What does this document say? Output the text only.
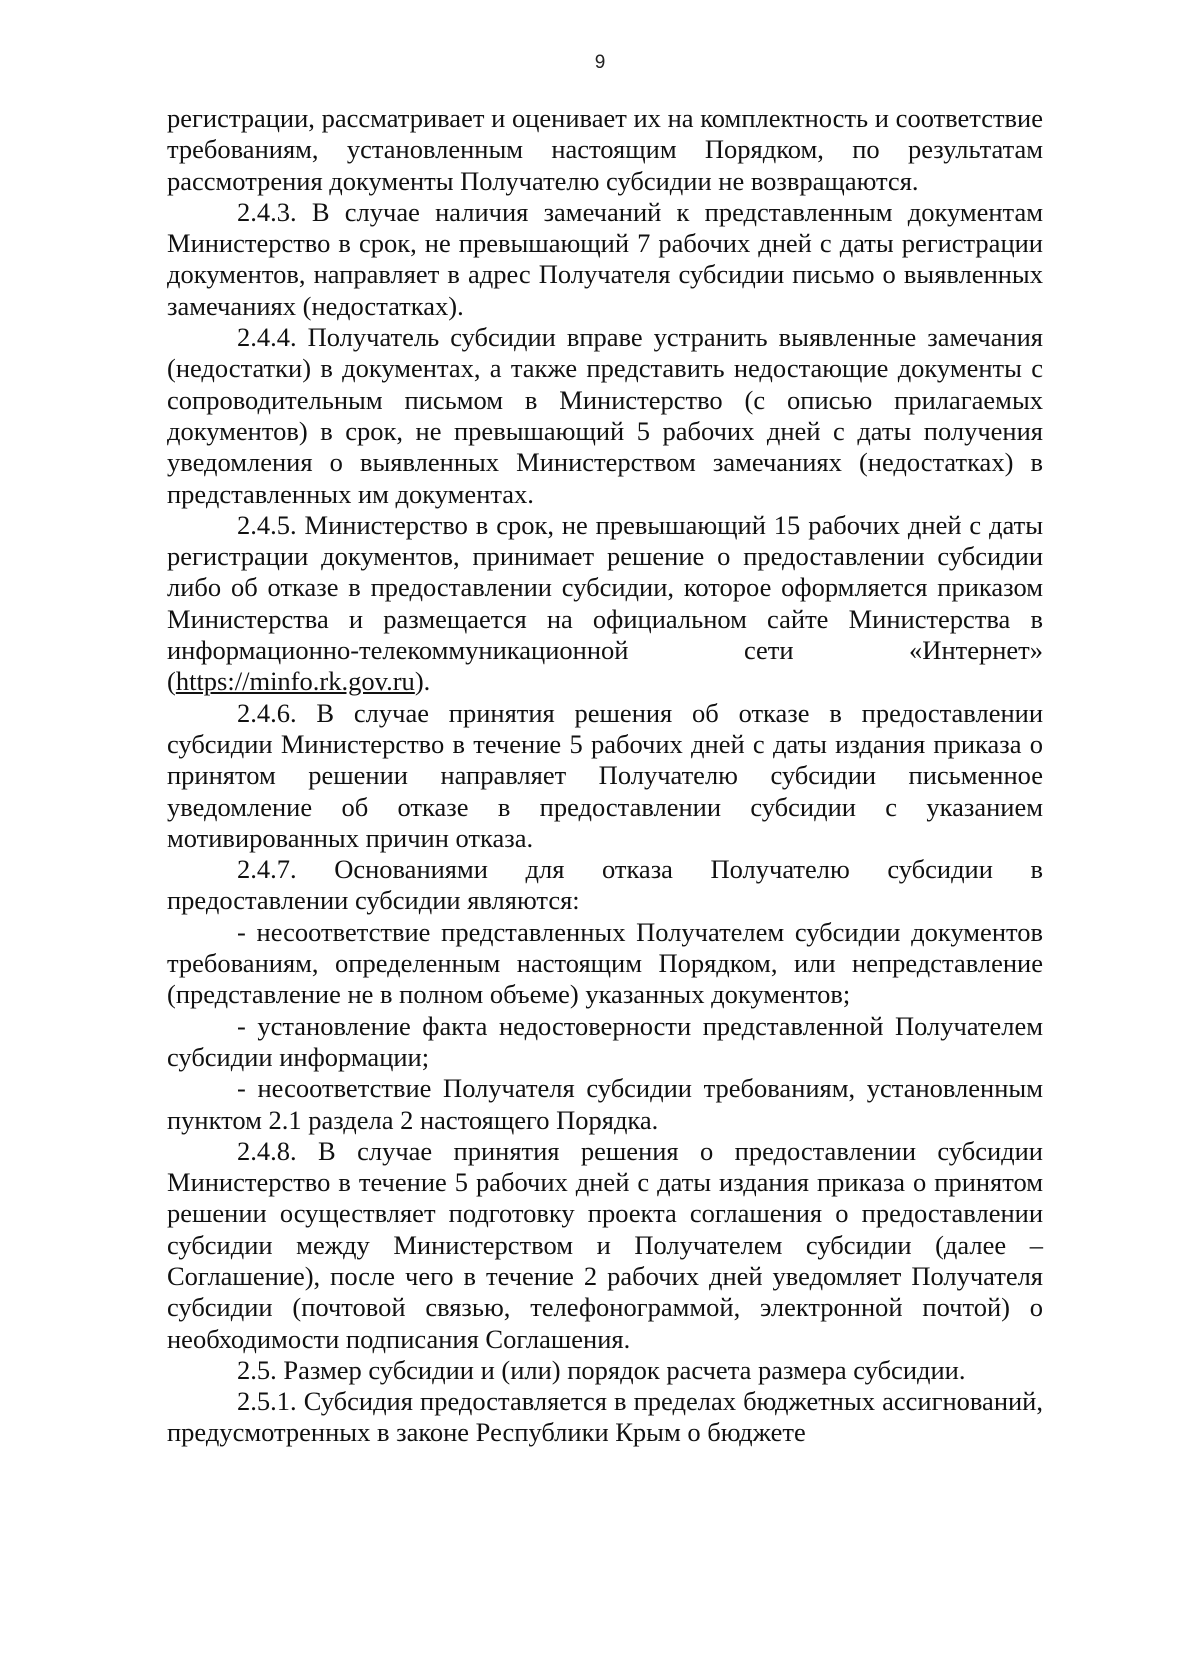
9

регистрации, рассматривает и оценивает их на комплектность и соответствие требованиям, установленным настоящим Порядком, по результатам рассмотрения документы Получателю субсидии не возвращаются.

2.4.3. В случае наличия замечаний к представленным документам Министерство в срок, не превышающий 7 рабочих дней с даты регистрации документов, направляет в адрес Получателя субсидии письмо о выявленных замечаниях (недостатках).

2.4.4. Получатель субсидии вправе устранить выявленные замечания (недостатки) в документах, а также представить недостающие документы с сопроводительным письмом в Министерство (с описью прилагаемых документов) в срок, не превышающий 5 рабочих дней с даты получения уведомления о выявленных Министерством замечаниях (недостатках) в представленных им документах.

2.4.5. Министерство в срок, не превышающий 15 рабочих дней с даты регистрации документов, принимает решение о предоставлении субсидии либо об отказе в предоставлении субсидии, которое оформляется приказом Министерства и размещается на официальном сайте Министерства в информационно-телекоммуникационной сети «Интернет» (https://minfo.rk.gov.ru).

2.4.6. В случае принятия решения об отказе в предоставлении субсидии Министерство в течение 5 рабочих дней с даты издания приказа о принятом решении направляет Получателю субсидии письменное уведомление об отказе в предоставлении субсидии с указанием мотивированных причин отказа.

2.4.7. Основаниями для отказа Получателю субсидии в предоставлении субсидии являются:

- несоответствие представленных Получателем субсидии документов требованиям, определенным настоящим Порядком, или непредставление (представление не в полном объеме) указанных документов;

- установление факта недостоверности представленной Получателем субсидии информации;

- несоответствие Получателя субсидии требованиям, установленным пунктом 2.1 раздела 2 настоящего Порядка.

2.4.8. В случае принятия решения о предоставлении субсидии Министерство в течение 5 рабочих дней с даты издания приказа о принятом решении осуществляет подготовку проекта соглашения о предоставлении субсидии между Министерством и Получателем субсидии (далее – Соглашение), после чего в течение 2 рабочих дней уведомляет Получателя субсидии (почтовой связью, телефонограммой, электронной почтой) о необходимости подписания Соглашения.

2.5. Размер субсидии и (или) порядок расчета размера субсидии.

2.5.1. Субсидия предоставляется в пределах бюджетных ассигнований, предусмотренных в законе Республики Крым о бюджете
